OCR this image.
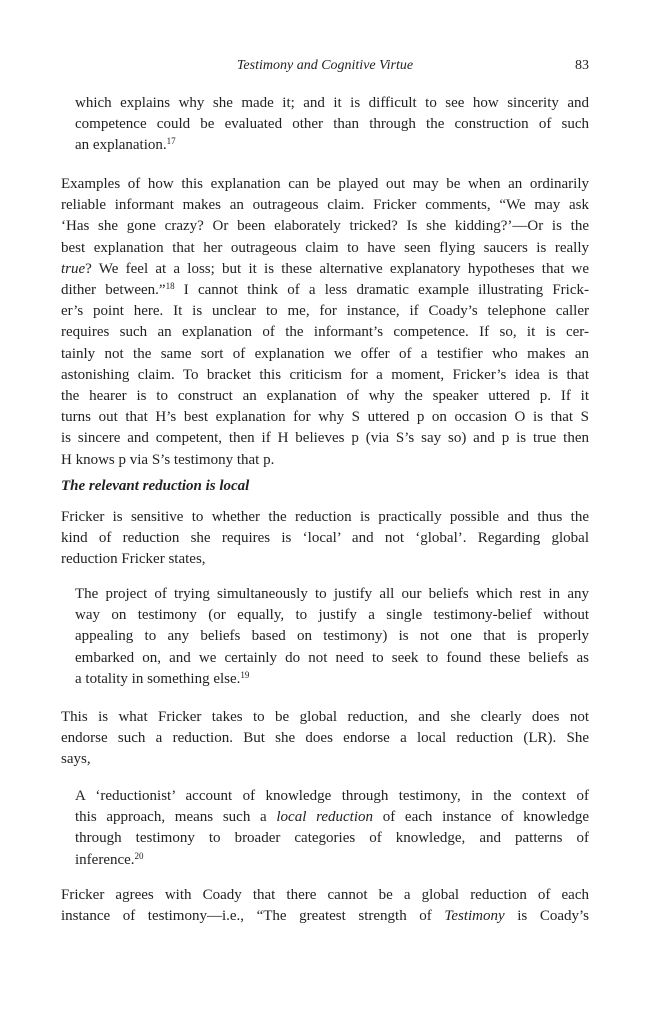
Testimony and Cognitive Virtue	83
which explains why she made it; and it is difficult to see how sincerity and
competence could be evaluated other than through the construction of such
an explanation.$^{17}$
Examples of how this explanation can be played out may be when an ordinarily
reliable informant makes an outrageous claim. Fricker comments, “We may ask
‘Has she gone crazy? Or been elaborately tricked? Is she kidding?’—Or is the
best explanation that her outrageous claim to have seen flying saucers is really
true? We feel at a loss; but it is these alternative explanatory hypotheses that we
dither between.”$^{18}$ I cannot think of a less dramatic example illustrating Frick-
er’s point here. It is unclear to me, for instance, if Coady’s telephone caller
requires such an explanation of the informant’s competence. If so, it is cer-
tainly not the same sort of explanation we offer of a testifier who makes an
astonishing claim. To bracket this criticism for a moment, Fricker’s idea is that
the hearer is to construct an explanation of why the speaker uttered p. If it
turns out that H’s best explanation for why S uttered p on occasion O is that S
is sincere and competent, then if H believes p (via S’s say so) and p is true then
H knows p via S’s testimony that p.
The relevant reduction is local
Fricker is sensitive to whether the reduction is practically possible and thus the
kind of reduction she requires is ‘local’ and not ‘global’. Regarding global
reduction Fricker states,
The project of trying simultaneously to justify all our beliefs which rest in any
way on testimony (or equally, to justify a single testimony-belief without
appealing to any beliefs based on testimony) is not one that is properly
embarked on, and we certainly do not need to seek to found these beliefs as
a totality in something else.$^{19}$
This is what Fricker takes to be global reduction, and she clearly does not
endorse such a reduction. But she does endorse a local reduction (LR). She
says,
A ‘reductionist’ account of knowledge through testimony, in the context of
this approach, means such a local reduction of each instance of knowledge
through testimony to broader categories of knowledge, and patterns of
inference.$^{20}$
Fricker agrees with Coady that there cannot be a global reduction of each
instance of testimony—i.e., “The greatest strength of Testimony is Coady’s
